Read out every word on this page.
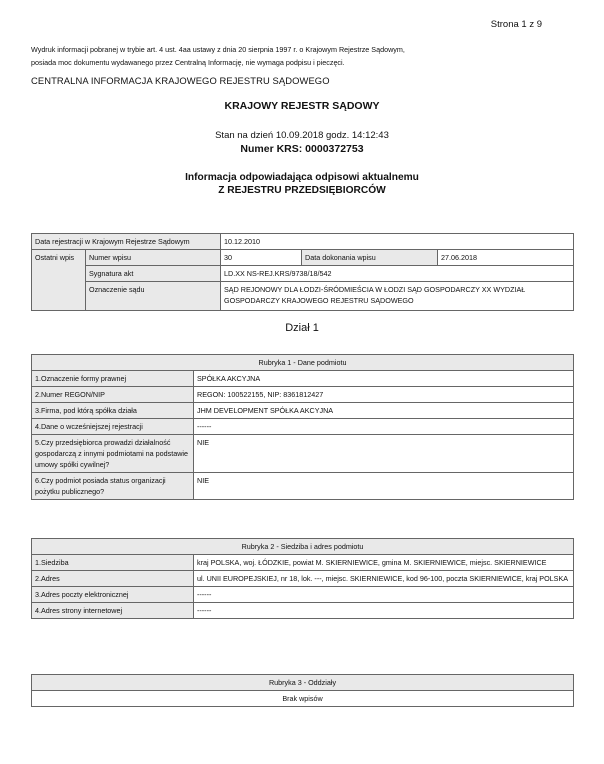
Strona 1 z 9
Wydruk informacji pobranej w trybie art. 4 ust. 4aa ustawy z dnia 20 sierpnia 1997 r. o Krajowym Rejestrze Sądowym,
posiada moc dokumentu wydawanego przez Centralną Informację, nie wymaga podpisu i pieczęci.
CENTRALNA INFORMACJA KRAJOWEGO REJESTRU SĄDOWEGO
KRAJOWY REJESTR SĄDOWY
Stan na dzień 10.09.2018 godz. 14:12:43
Numer KRS: 0000372753
Informacja odpowiadająca odpisowi aktualnemu
Z REJESTRU PRZEDSIĘBIORCÓW
Data rejestracji w Krajowym Rejestrze Sądowym		10.12.2010		
Ostatni wpis	Numer wpisu	30	Data dokonania wpisu	27.06.2018
	Sygnatura akt	LD.XX NS-REJ.KRS/9738/18/542		
	Oznaczenie sądu	SĄD REJONOWY DLA ŁODZI-ŚRÓDMIEŚCIA W ŁODZI SĄD GOSPODARCZY XX WYDZIAŁ GOSPODARCZY KRAJOWEGO REJESTRU SĄDOWEGO		
Dział 1
Rubryka 1 - Dane podmiotu	
1.Oznaczenie formy prawnej	SPÓŁKA AKCYJNA
2.Numer REGON/NIP	REGON: 100522155, NIP: 8361812427
3.Firma, pod którą spółka działa	JHM DEVELOPMENT SPÓŁKA AKCYJNA
4.Dane o wcześniejszej rejestracji	------
5.Czy przedsiębiorca prowadzi działalność gospodarczą z innymi podmiotami na podstawie umowy spółki cywilnej?	NIE
6.Czy podmiot posiada status organizacji pożytku publicznego?	NIE
Rubryka 2 - Siedziba i adres podmiotu	
1.Siedziba	kraj POLSKA, woj. ŁÓDZKIE, powiat M. SKIERNIEWICE, gmina M. SKIERNIEWICE, miejsc. SKIERNIEWICE
2.Adres	ul. UNII EUROPEJSKIEJ, nr 18, lok. ---, miejsc. SKIERNIEWICE, kod 96-100, poczta SKIERNIEWICE, kraj POLSKA
3.Adres poczty elektronicznej	------
4.Adres strony internetowej	------
Rubryka 3 - Oddziały
Brak wpisów
